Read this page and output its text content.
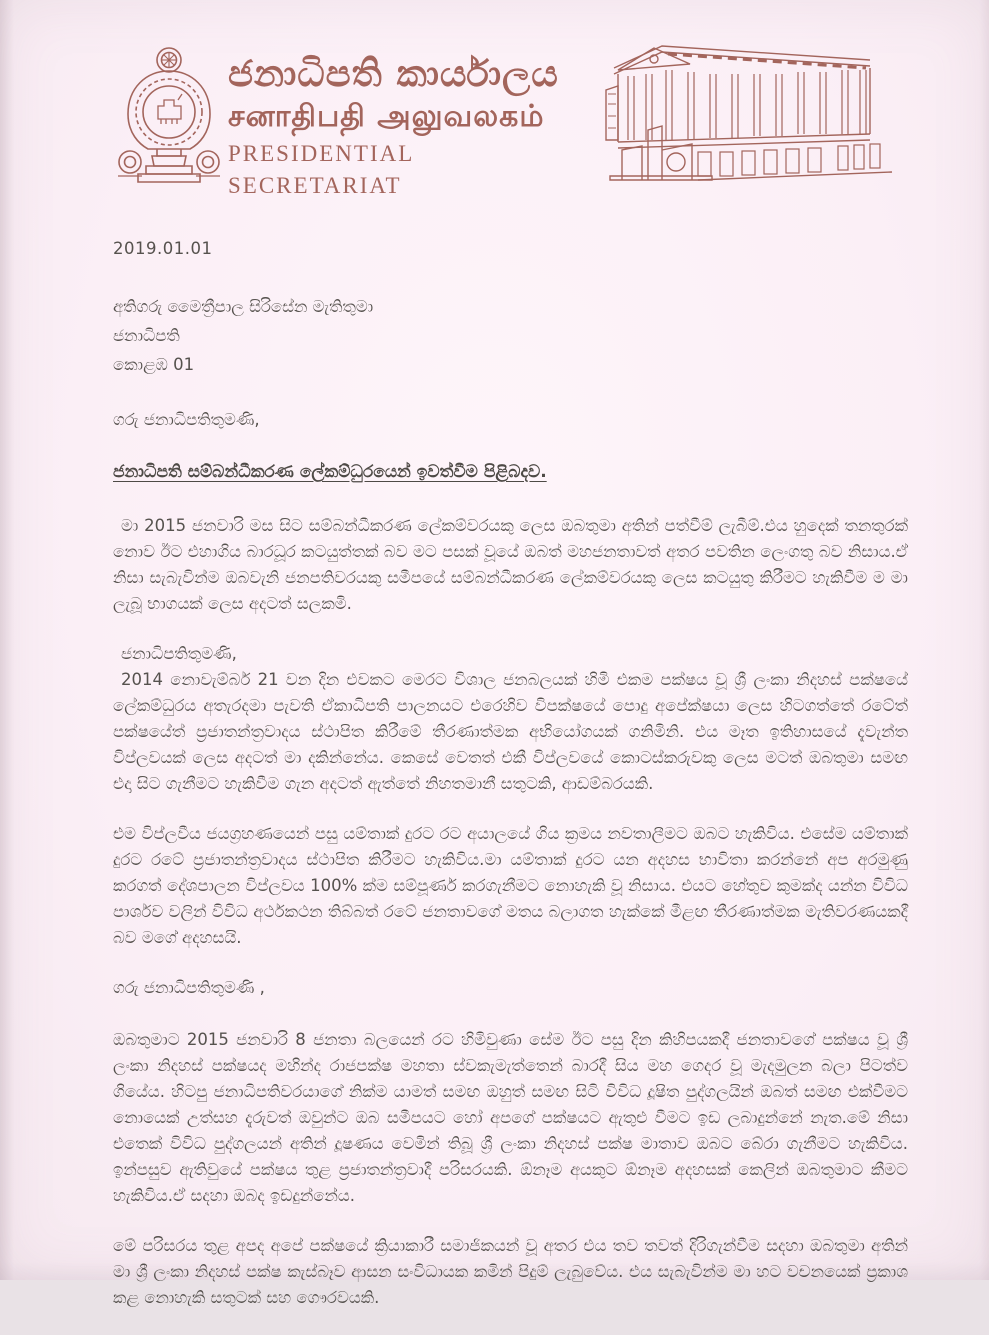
ජනාධිපති කාර්යාලය
சனாதிபதி அலுவலகம்
PRESIDENTIAL SECRETARIAT
2019.01.01
අතිගරු මෛත්‍රීපාල සිරිසේන මැතිතුමා
ජනාධිපති
කොළඹ 01
ගරු ජනාධිපතිතුමණි,
ජනාධිපති සම්බන්ධීකරණ ලේකම්ධුරයෙන් ඉවත්වීම පිළිබදව.
මා 2015 ජනවාරි මස සිට සම්බන්ධීකරණ ලේකම්වරයකු ලෙස ඔබතුමා අතින් පත්වීම් ලැබීම්.එය හුදෙක් තනතුරක් නොව ඊට එහාගිය බාරධූර කටයුත්තක් බව මට පසක් වූයේ ඔබත් මහජනතාවත් අතර පවතින ලෙංගතු බව නිසාය.ඒ නිසා සැබැවින්ම ඔබවැනි ජනපතිවරයකු සමීපයේ සම්බන්ධීකරණ ලේකම්වරයකු ලෙස කටයුතු කිරීමට හැකිවීම ම මා ලැබූ භාගයක් ලෙස අදටත් සලකමි.
ජනාධිපතිතුමණි,
2014 නොවැම්බර් 21 වන දින එවකට මෙරට විශාල ජනබලයක් හිමි එකම පක්ෂය වූ ශ්‍රී ලංකා නිදහස් පක්ෂයේ ලේකම්ධුරය අතැරදමා පැවති ඒකාධිපති පාලනයට එරෙහිව විපක්ෂයේ පොදු අපේක්ෂයා ලෙස හිටගත්තේ රටේත් පක්ෂයේත් ප්‍රජාතන්ත්‍රවාදය ස්ථාපිත කිරීමේ තීරණාත්මක අභියෝගයක් ගනිමිනි. එය මෑත ඉතිහාසයේ දැවැන්ත විප්ලවයක් ලෙස අදටත් මා දකින්නේය. කෙසේ වෙතත් එකී විප්ලවයේ කොටස්කරුවකු ලෙස මටත් ඔබතුමා සමඟ එදා සිට ගැනීමට හැකිවීම ගැන අදටත් ඇත්තේ නිහතමානී සතුටකි, ආඩම්බරයකි.
එම විප්ලවීය ජයග්‍රහණයෙන් පසු යම්තාක් දුරට රට අයාලයේ ගිය ක්‍රමය නවතාලීමට ඔබට හැකිවිය. එසේම යම්තාක් දුරට රටේ ප්‍රජාතන්ත්‍රවාදය ස්ථාපිත කිරීමට හැකිවිය.මා යම්තාක් දුරට යන අදහස භාවිතා කරන්නේ අප අරමුණු කරගත් දේශපාලන විප්ලවය 100% ක්ම සම්පූර්ණ කරගැනීමට නොහැකි වූ නිසාය. එයට හේතුව කුමක්ද යන්න විවිධ පාර්ශව වලින් විවිධ අර්ථකථන තිබ්බත් රටේ ජනතාවගේ මතය බලාගත හැක්කේ මීළඟ තීරණාත්මක මැතිවරණයකදී බව මගේ අදහසයි.
ගරු ජනාධිපතිතුමණි ,
ඔබතුමාට 2015 ජනවාරි 8 ජනතා බලයෙන් රට හිමිවුණා සේම ඊට පසු දින කිහිපයකදී ජනතාවගේ පක්ෂය වූ ශ්‍රී ලංකා නිදහස් පක්ෂයද මහින්ද රාජපක්ෂ මහතා ස්වකැමැත්තෙන් බාරදී සිය මහ ගෙදර වූ මැදමුලන බලා පිටත්ව ගියේය. හිටපු ජනාධිපතිවරයාගේ නික්ම යාමත් සමඟ ඔහුත් සමඟ සිටි විවිධ දූෂිත පුද්ගලයින් ඔබත් සමඟ එක්වීමට නොයෙක් උත්සහ දැරුවත් ඔවුන්ට ඔබ සමීපයට හෝ අපගේ පක්ෂයට ඇතුළු වීමට ඉඩ ලබාදුන්නේ නැත.මේ නිසා එතෙක් විවිධ පුද්ගලයන් අතින් දූෂණය වෙමින් තිබූ ශ්‍රී ලංකා නිදහස් පක්ෂ මාතාව ඔබට බේරා ගැනීමට හැකිවිය. ඉන්පසුව ඇතිවුයේ පක්ෂය තුළ ප්‍රජාතන්ත්‍රවාදී පරිසරයකි. ඕනෑම අයකුට ඕනෑම අදහසක් කෙලින් ඔබතුමාට කීමට හැකිවිය.ඒ සදහා ඔබද ඉඩදුන්නේය.
මේ පරිසරය තුළ අපද අපේ පක්ෂයේ ක්‍රියාකාරී සමාජිකයන් වූ අතර එය තව තවත් දිරිගැන්වීම සදහා ඔබතුමා අතින් මා ශ්‍රී ලංකා නිදහස් පක්ෂ කැස්බෑව ආසන සංවිධායක කමින් පිදුම් ලැබුවේය. එය සැබැවින්ම මා හට වචනයෙක් ප්‍රකාශ කළ නොහැකි සතුටක් සහ ගෞරවයකි.
